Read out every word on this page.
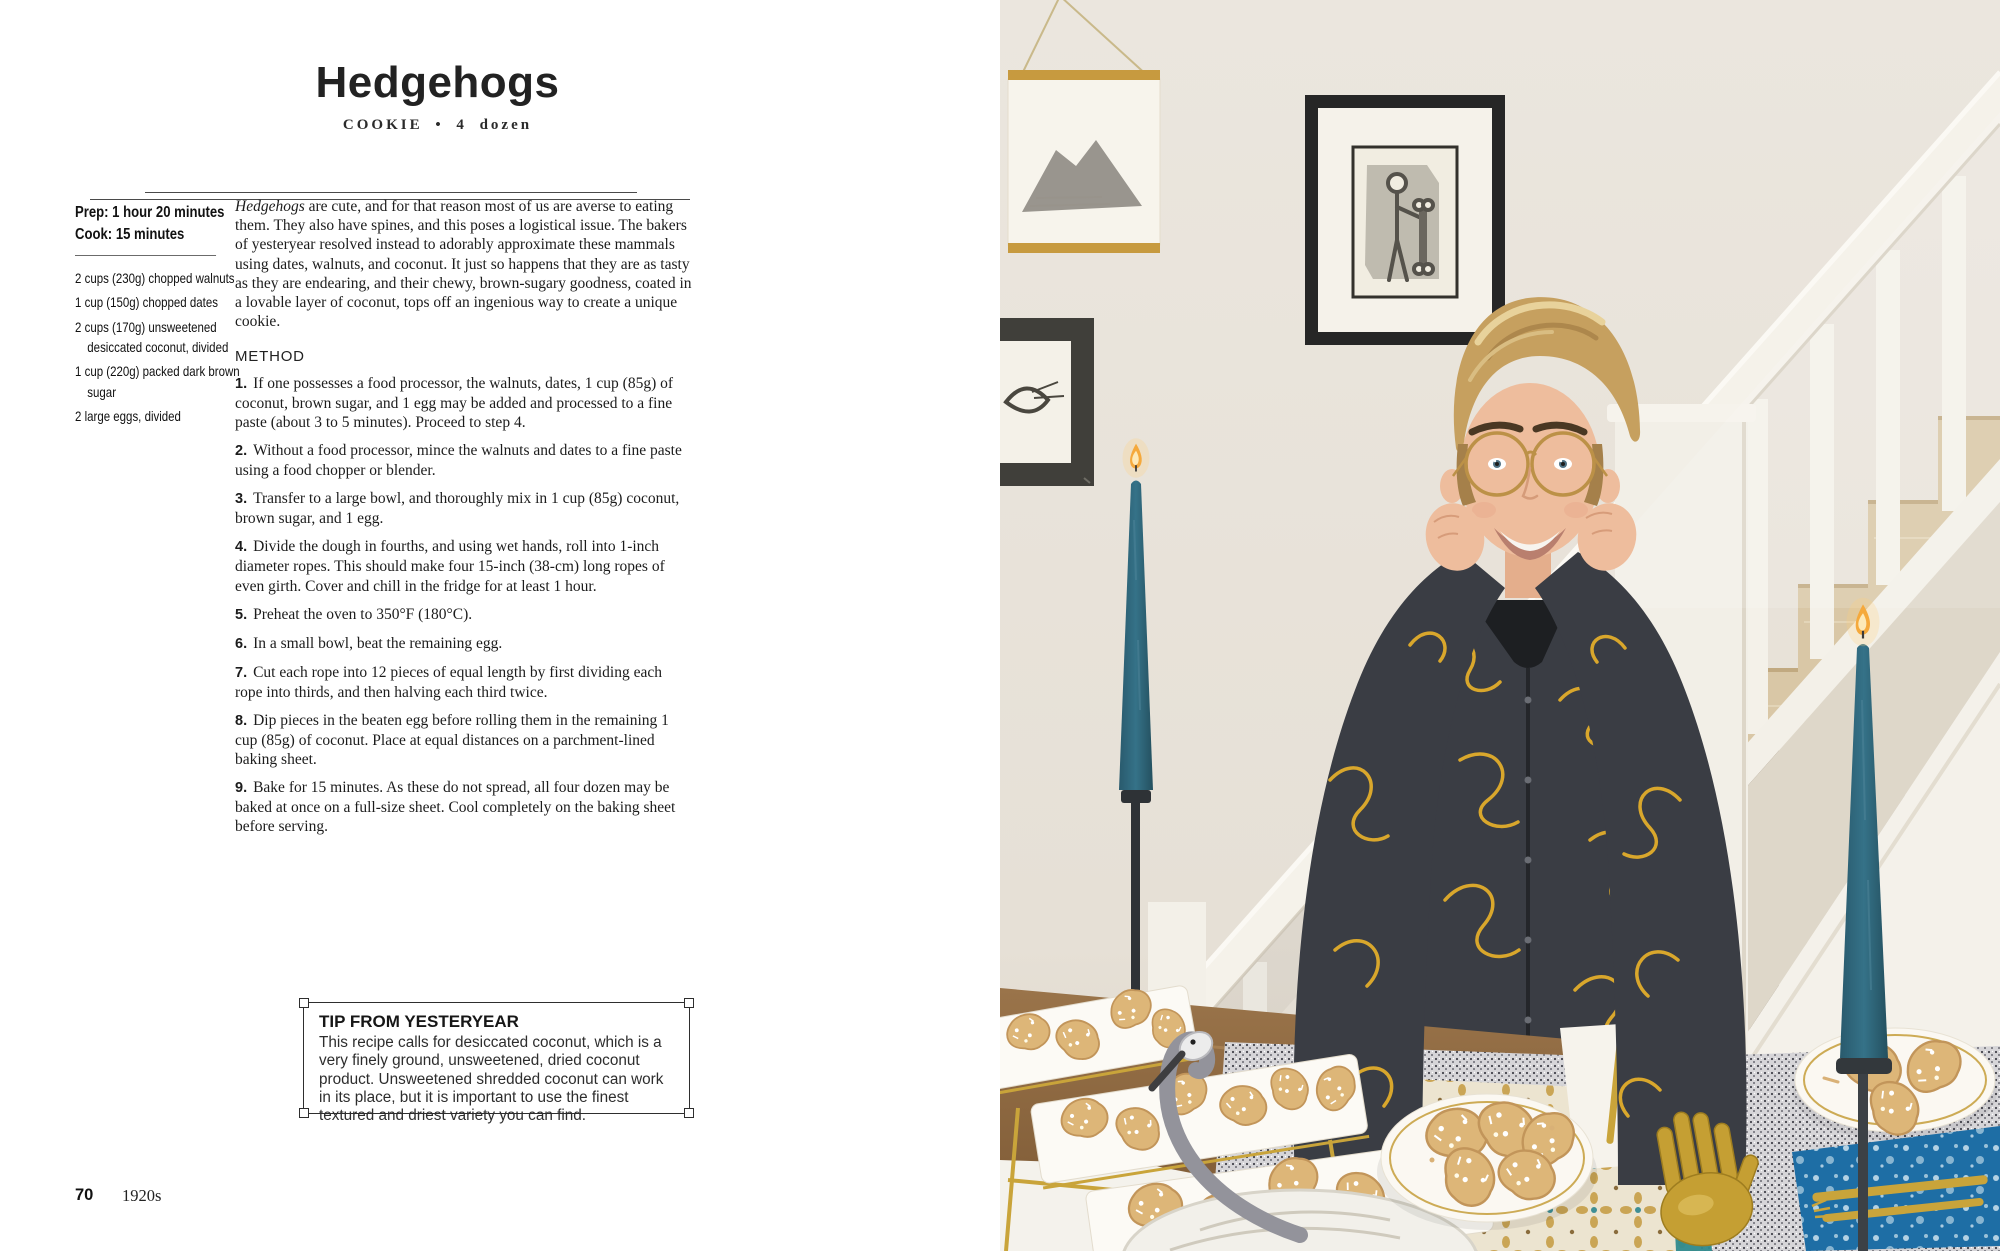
Hedgehogs
COOKIE • 4 dozen
Prep: 1 hour 20 minutes
Cook: 15 minutes

2 cups (230g) chopped walnuts

1 cup (150g) chopped dates

2 cups (170g) unsweetened desiccated coconut, divided

1 cup (220g) packed dark brown sugar

2 large eggs, divided

Hedgehogs are cute, and for that reason most of us are averse to eating them. They also have spines, and this poses a logistical issue. The bakers of yesteryear resolved instead to adorably approximate these mammals using dates, walnuts, and coconut. It just so happens that they are as tasty as they are endearing, and their chewy, brown-sugary goodness, coated in a lovable layer of coconut, tops off an ingenious way to create a unique cookie.

METHOD

1. If one possesses a food processor, the walnuts, dates, 1 cup (85g) of coconut, brown sugar, and 1 egg may be added and processed to a fine paste (about 3 to 5 minutes). Proceed to step 4.

2. Without a food processor, mince the walnuts and dates to a fine paste using a food chopper or blender.

3. Transfer to a large bowl, and thoroughly mix in 1 cup (85g) coconut, brown sugar, and 1 egg.

4. Divide the dough in fourths, and using wet hands, roll into 1-inch diameter ropes. This should make four 15-inch (38-cm) long ropes of even girth. Cover and chill in the fridge for at least 1 hour.

5. Preheat the oven to 350°F (180°C).

6. In a small bowl, beat the remaining egg.

7. Cut each rope into 12 pieces of equal length by first dividing each rope into thirds, and then halving each third twice.

8. Dip pieces in the beaten egg before rolling them in the remaining 1 cup (85g) of coconut. Place at equal distances on a parchment-lined baking sheet.

9. Bake for 15 minutes. As these do not spread, all four dozen may be baked at once on a full-size sheet. Cool completely on the baking sheet before serving.

TIP FROM YESTERYEAR

This recipe calls for desiccated coconut, which is a very finely ground, unsweetened, dried coconut product. Unsweetened shredded coconut can work in its place, but it is important to use the finest textured and driest variety you can find.

70 1920s
